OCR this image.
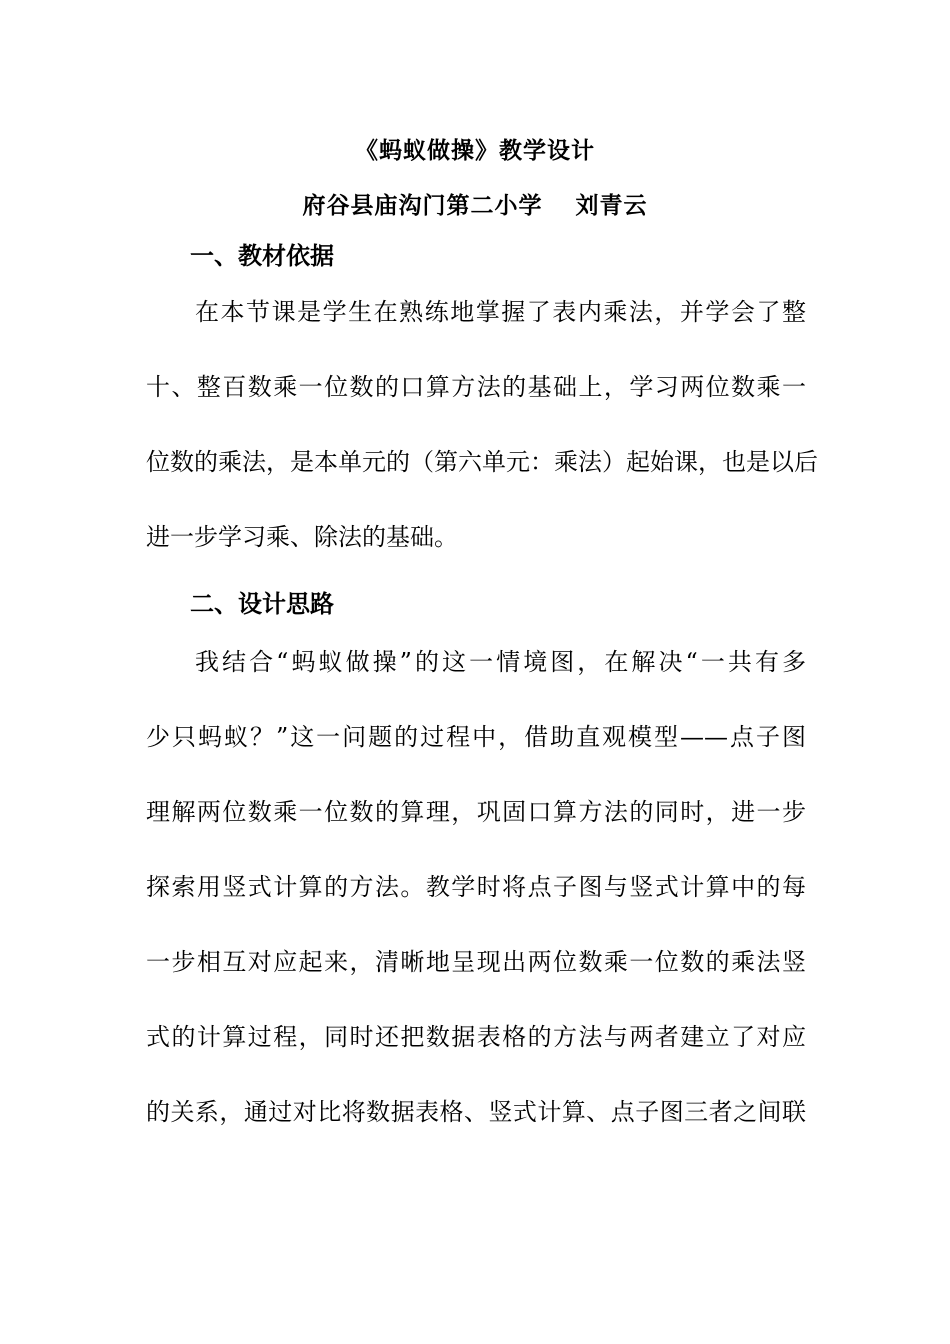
《蚂蚁做操》教学设计
府谷县庙沟门第二小学　 刘青云
一、教材依据
在本节课是学生在熟练地掌握了表内乘法，并学会了整
十、整百数乘一位数的口算方法的基础上，学习两位数乘一
位数的乘法，是本单元的（第六单元：乘法）起始课，也是以后
进一步学习乘、除法的基础。
二、设计思路
我结合“蚂蚁做操”的这一情境图，在解决“一共有多
少只蚂蚁？”这一问题的过程中，借助直观模型——点子图
理解两位数乘一位数的算理，巩固口算方法的同时，进一步
探索用竖式计算的方法。教学时将点子图与竖式计算中的每
一步相互对应起来，清晰地呈现出两位数乘一位数的乘法竖
式的计算过程，同时还把数据表格的方法与两者建立了对应
的关系，通过对比将数据表格、竖式计算、点子图三者之间联
